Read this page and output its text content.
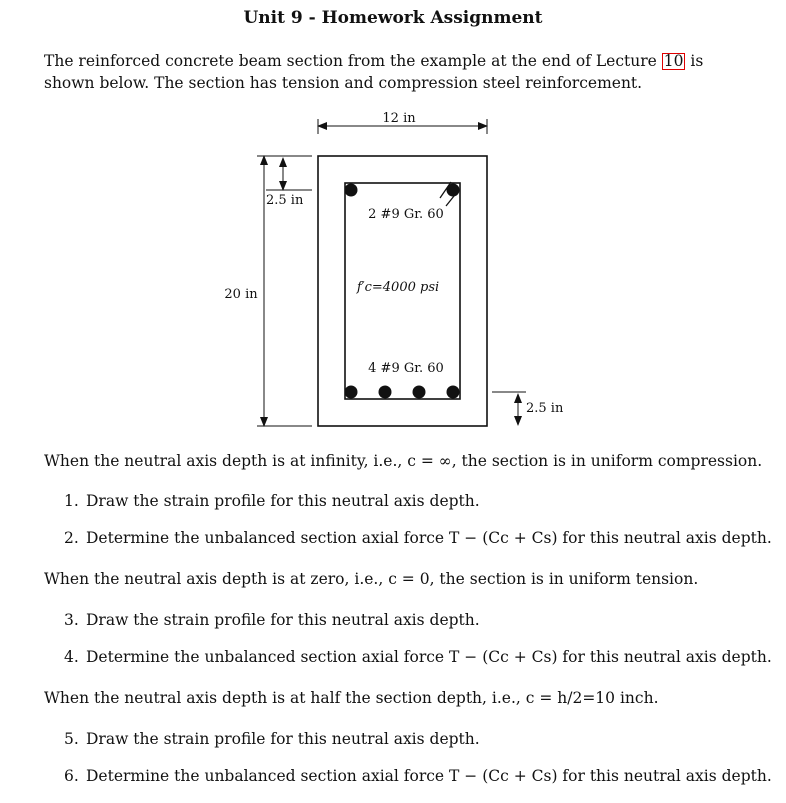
Unit 9 - Homework Assignment
The reinforced concrete beam section from the example at the end of Lecture 10 is shown below. The section has tension and compression steel reinforcement.
12 in
20 in
2.5 in
2 #9 Gr. 60
f′c=4000 psi
4 #9 Gr. 60
2.5 in
When the neutral axis depth is at infinity, i.e., c = ∞, the section is in uniform compression.
1. Draw the strain profile for this neutral axis depth.
2. Determine the unbalanced section axial force T − (Cc + Cs) for this neutral axis depth.
When the neutral axis depth is at zero, i.e., c = 0, the section is in uniform tension.
3. Draw the strain profile for this neutral axis depth.
4. Determine the unbalanced section axial force T − (Cc + Cs) for this neutral axis depth.
When the neutral axis depth is at half the section depth, i.e., c = h/2=10 inch.
5. Draw the strain profile for this neutral axis depth.
6. Determine the unbalanced section axial force T − (Cc + Cs) for this neutral axis depth.
